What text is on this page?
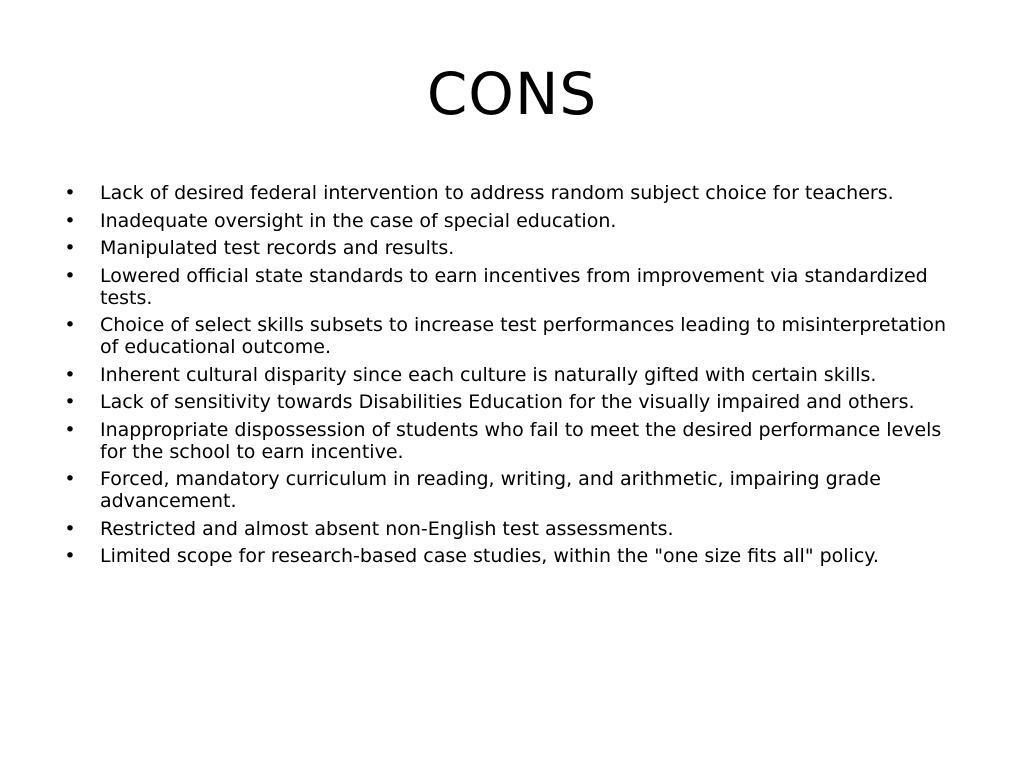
CONS
• Lack of desired federal intervention to address random subject choice for teachers.
• Inadequate oversight in the case of special education.
• Manipulated test records and results.
• Lowered official state standards to earn incentives from improvement via standardized tests.
• Choice of select skills subsets to increase test performances leading to misinterpretation of educational outcome.
• Inherent cultural disparity since each culture is naturally gifted with certain skills.
• Lack of sensitivity towards Disabilities Education for the visually impaired and others.
• Inappropriate dispossession of students who fail to meet the desired performance levels for the school to earn incentive.
• Forced, mandatory curriculum in reading, writing, and arithmetic, impairing grade advancement.
• Restricted and almost absent non-English test assessments.
• Limited scope for research-based case studies, within the "one size fits all" policy.
